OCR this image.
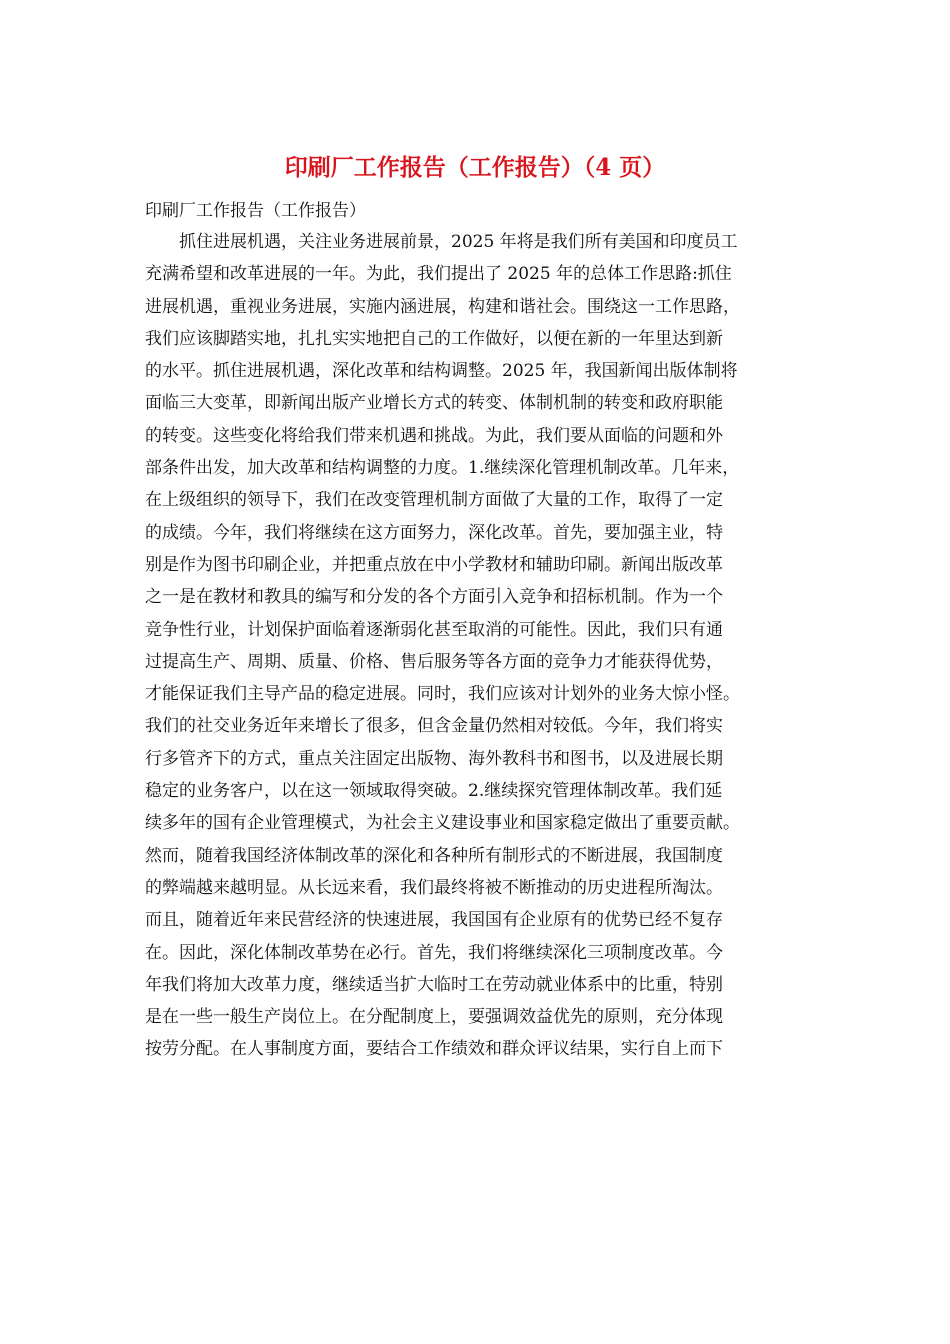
印刷厂工作报告（工作报告）（4 页）
印刷厂工作报告（工作报告）
抓住进展机遇，关注业务进展前景，2025 年将是我们所有美国和印度员工
充满希望和改革进展的一年。为此，我们提出了 2025 年的总体工作思路:抓住
进展机遇，重视业务进展，实施内涵进展，构建和谐社会。围绕这一工作思路，
我们应该脚踏实地，扎扎实实地把自己的工作做好，以便在新的一年里达到新
的水平。抓住进展机遇，深化改革和结构调整。2025 年，我国新闻出版体制将
面临三大变革，即新闻出版产业增长方式的转变、体制机制的转变和政府职能
的转变。这些变化将给我们带来机遇和挑战。为此，我们要从面临的问题和外
部条件出发，加大改革和结构调整的力度。1.继续深化管理机制改革。几年来，
在上级组织的领导下，我们在改变管理机制方面做了大量的工作，取得了一定
的成绩。今年，我们将继续在这方面努力，深化改革。首先，要加强主业，特
别是作为图书印刷企业，并把重点放在中小学教材和辅助印刷。新闻出版改革
之一是在教材和教具的编写和分发的各个方面引入竞争和招标机制。作为一个
竞争性行业，计划保护面临着逐渐弱化甚至取消的可能性。因此，我们只有通
过提高生产、周期、质量、价格、售后服务等各方面的竞争力才能获得优势，
才能保证我们主导产品的稳定进展。同时，我们应该对计划外的业务大惊小怪。
我们的社交业务近年来增长了很多，但含金量仍然相对较低。今年，我们将实
行多管齐下的方式，重点关注固定出版物、海外教科书和图书，以及进展长期
稳定的业务客户，以在这一领域取得突破。2.继续探究管理体制改革。我们延
续多年的国有企业管理模式，为社会主义建设事业和国家稳定做出了重要贡献。
然而，随着我国经济体制改革的深化和各种所有制形式的不断进展，我国制度
的弊端越来越明显。从长远来看，我们最终将被不断推动的历史进程所淘汰。
而且，随着近年来民营经济的快速进展，我国国有企业原有的优势已经不复存
在。因此，深化体制改革势在必行。首先，我们将继续深化三项制度改革。今
年我们将加大改革力度，继续适当扩大临时工在劳动就业体系中的比重，特别
是在一些一般生产岗位上。在分配制度上，要强调效益优先的原则，充分体现
按劳分配。在人事制度方面，要结合工作绩效和群众评议结果，实行自上而下
